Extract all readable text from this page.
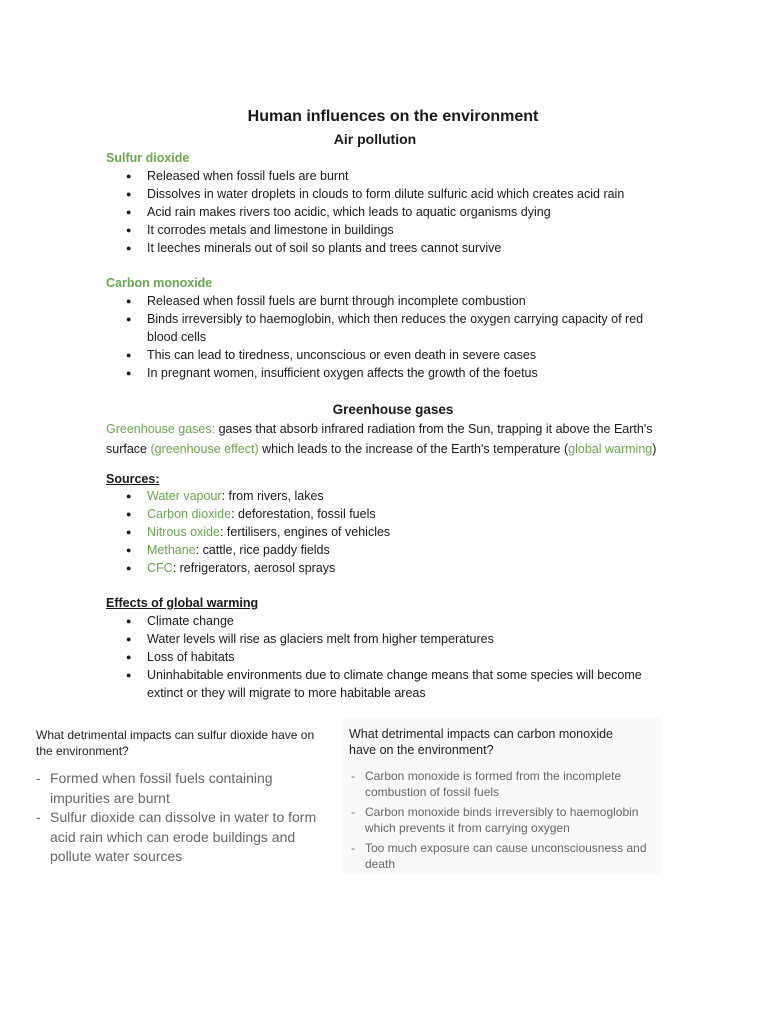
Human influences on the environment
Air pollution
Sulfur dioxide
● Released when fossil fuels are burnt
● Dissolves in water droplets in clouds to form dilute sulfuric acid which creates acid rain
● Acid rain makes rivers too acidic, which leads to aquatic organisms dying
● It corrodes metals and limestone in buildings
● It leeches minerals out of soil so plants and trees cannot survive
Carbon monoxide
● Released when fossil fuels are burnt through incomplete combustion
● Binds irreversibly to haemoglobin, which then reduces the oxygen carrying capacity of red blood cells
● This can lead to tiredness, unconscious or even death in severe cases
● In pregnant women, insufficient oxygen affects the growth of the foetus
Greenhouse gases

Greenhouse gases: gases that absorb infrared radiation from the Sun, trapping it above the Earth's surface (greenhouse effect) which leads to the increase of the Earth's temperature (global warming)

Sources:
● Water vapour: from rivers, lakes
● Carbon dioxide: deforestation, fossil fuels
● Nitrous oxide: fertilisers, engines of vehicles
● Methane: cattle, rice paddy fields
● CFC: refrigerators, aerosol sprays
Effects of global warming
● Climate change
● Water levels will rise as glaciers melt from higher temperatures
● Loss of habitats
● Uninhabitable environments due to climate change means that some species will become extinct or they will migrate to more habitable areas

What detrimental impacts can sulfur dioxide have on the environment?

- Formed when fossil fuels containing impurities are burnt
- Sulfur dioxide can dissolve in water to form acid rain which can erode buildings and pollute water sources

What detrimental impacts can carbon monoxide have on the environment?

- Carbon monoxide is formed from the incomplete combustion of fossil fuels
- Carbon monoxide binds irreversibly to haemoglobin which prevents it from carrying oxygen
- Too much exposure can cause unconsciousness and death
